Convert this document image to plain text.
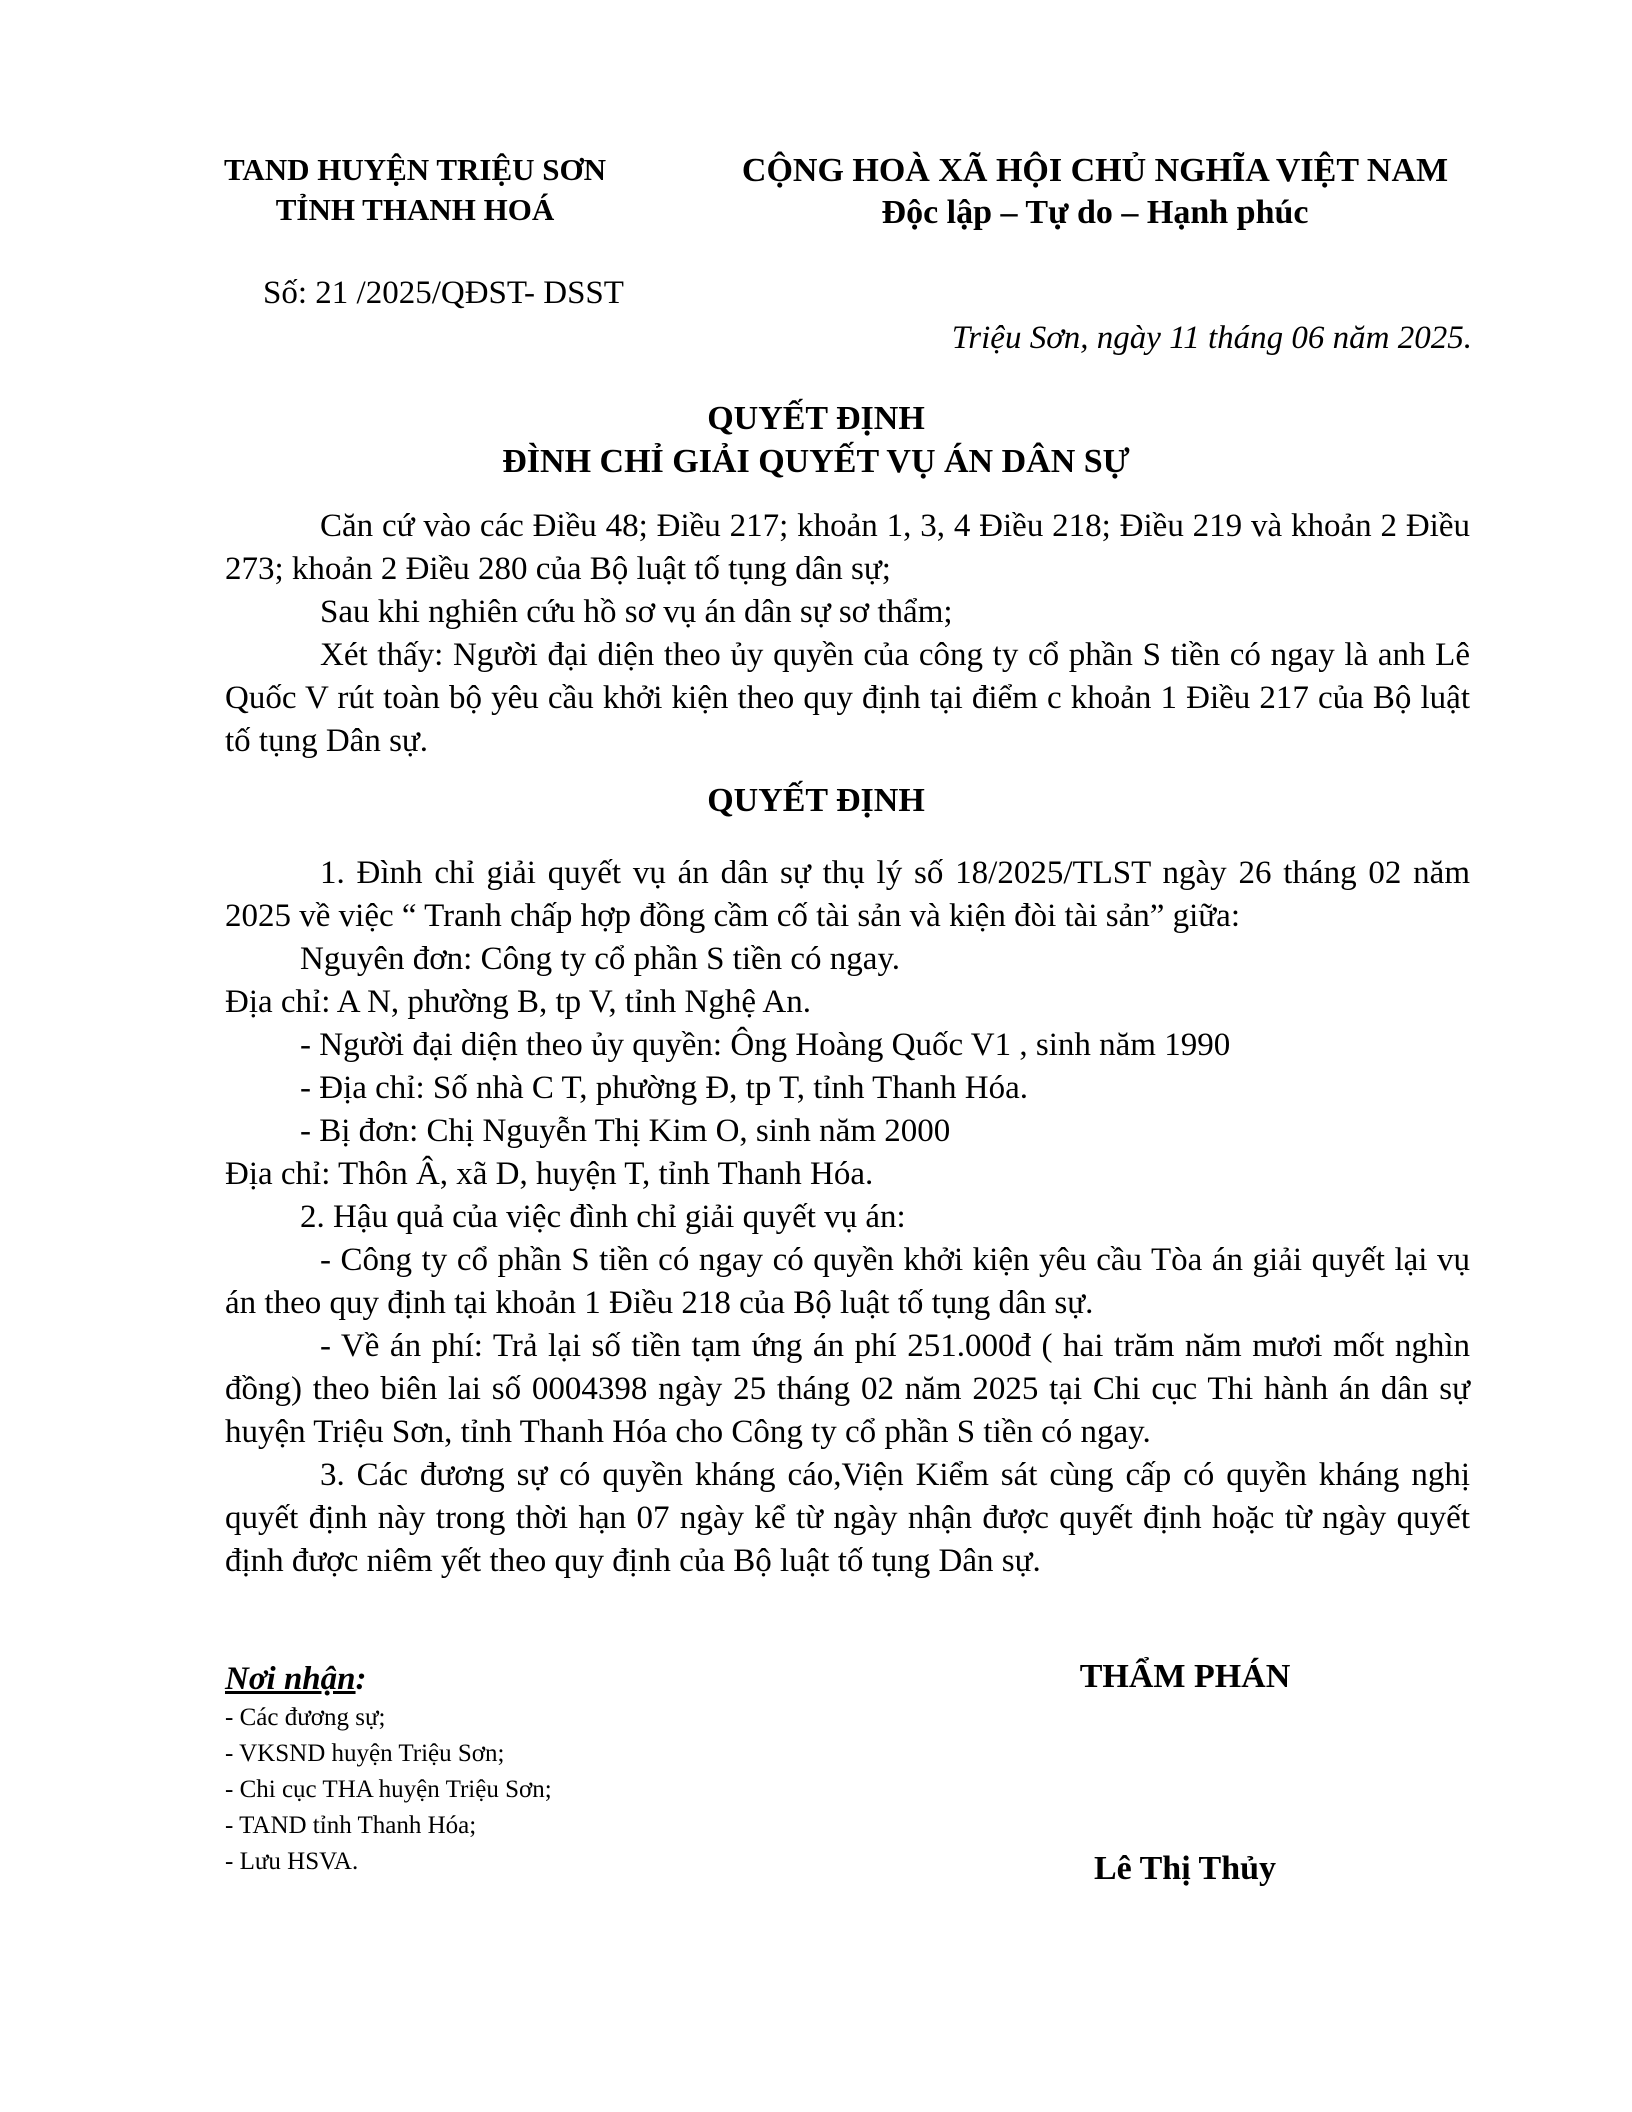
TAND HUYỆN TRIỆU SƠN
TỈNH THANH HOÁ
CỘNG HOÀ XÃ HỘI CHỦ NGHĨA VIỆT NAM
Độc lập – Tự do – Hạnh phúc
Số: 21 /2025/QĐST- DSST
Triệu Sơn, ngày 11 tháng 06 năm 2025.
QUYẾT ĐỊNH
ĐÌNH CHỈ GIẢI QUYẾT VỤ ÁN DÂN SỰ

Căn cứ vào các Điều 48; Điều 217; khoản 1, 3, 4 Điều 218; Điều 219 và khoản 2 Điều 273; khoản 2 Điều 280 của Bộ luật tố tụng dân sự;

Sau khi nghiên cứu hồ sơ vụ án dân sự sơ thẩm;

Xét thấy: Người đại diện theo ủy quyền của công ty cổ phần S tiền có ngay là anh Lê Quốc V rút toàn bộ yêu cầu khởi kiện theo quy định tại điểm c khoản 1 Điều 217 của Bộ luật tố tụng Dân sự.

QUYẾT ĐỊNH

1. Đình chỉ giải quyết vụ án dân sự thụ lý số 18/2025/TLST ngày 26 tháng 02 năm 2025 về việc “ Tranh chấp hợp đồng cầm cố tài sản và kiện đòi tài sản” giữa:

Nguyên đơn: Công ty cổ phần S tiền có ngay.

Địa chỉ: A N, phường B, tp V, tỉnh Nghệ An.

- Người đại diện theo ủy quyền: Ông Hoàng Quốc V1 , sinh năm 1990

- Địa chỉ: Số nhà C T, phường Đ, tp T, tỉnh Thanh Hóa.

- Bị đơn: Chị Nguyễn Thị Kim O, sinh năm 2000

Địa chỉ: Thôn Â, xã D, huyện T, tỉnh Thanh Hóa.

2. Hậu quả của việc đình chỉ giải quyết vụ án:

- Công ty cổ phần S tiền có ngay có quyền khởi kiện yêu cầu Tòa án giải quyết lại vụ án theo quy định tại khoản 1 Điều 218 của Bộ luật tố tụng dân sự.

- Về án phí: Trả lại số tiền tạm ứng án phí 251.000đ ( hai trăm năm mươi mốt nghìn đồng) theo biên lai số 0004398 ngày 25 tháng 02 năm 2025 tại Chi cục Thi hành án dân sự huyện Triệu Sơn, tỉnh Thanh Hóa cho Công ty cổ phần S tiền có ngay.

3. Các đương sự có quyền kháng cáo,Viện Kiểm sát cùng cấp có quyền kháng nghị quyết định này trong thời hạn 07 ngày kể từ ngày nhận được quyết định hoặc từ ngày quyết định được niêm yết theo quy định của Bộ luật tố tụng Dân sự.

Nơi nhận:
- Các đương sự;
- VKSND huyện Triệu Sơn;
- Chi cục THA huyện Triệu Sơn;
- TAND tỉnh Thanh Hóa;
- Lưu HSVA.
THẨM PHÁN
Lê Thị Thủy
